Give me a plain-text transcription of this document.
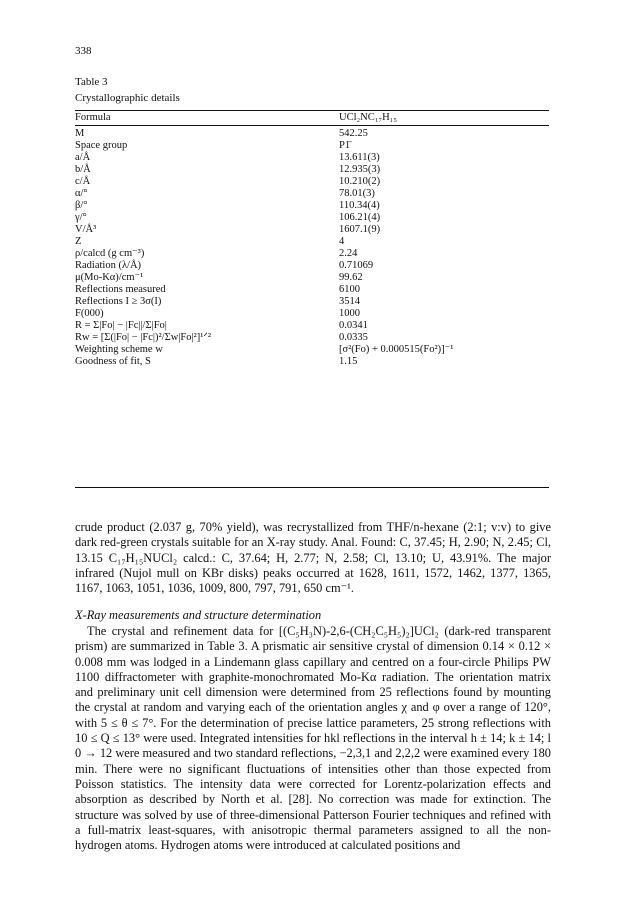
338
Table 3
Crystallographic details
Formula	UCl₂NC₁₇H₁₅
M	542.25
Space group	P1̄
a/Å	13.611(3)
b/Å	12.935(3)
c/Å	10.210(2)
α/°	78.01(3)
β/°	110.34(4)
γ/°	106.21(4)
V/Å³	1607.1(9)
Z	4
ρ/calcd (g cm⁻³)	2.24
Radiation (λ/Å)	0.71069
μ(Mo-Kα)/cm⁻¹	99.62
Reflections measured	6100
Reflections I ≥ 3σ(I)	3514
F(000)	1000
R = Σ|Fo| − |Fc||/Σ|Fo|	0.0341
Rw = [Σ(|Fo| − |Fc|)²/Σw|Fo|²]¹ᐟ²	0.0335
Weighting scheme w	[σ²(Fo) + 0.000515(Fo²)]⁻¹
Goodness of fit, S	1.15

crude product (2.037 g, 70% yield), was recrystallized from THF/n-hexane (2:1; v:v) to give dark red-green crystals suitable for an X-ray study. Anal. Found: C, 37.45; H, 2.90; N, 2.45; Cl, 13.15 C₁₇H₁₅NUCl₂ calcd.: C, 37.64; H, 2.77; N, 2.58; Cl, 13.10; U, 43.91%. The major infrared (Nujol mull on KBr disks) peaks occurred at 1628, 1611, 1572, 1462, 1377, 1365, 1167, 1063, 1051, 1036, 1009, 800, 797, 791, 650 cm⁻¹.

X-Ray measurements and structure determination

The crystal and refinement data for [(C₅H₃N)-2,6-(CH₂C₅H₅)₂]UCl₂ (dark-red transparent prism) are summarized in Table 3. A prismatic air sensitive crystal of dimension 0.14 × 0.12 × 0.008 mm was lodged in a Lindemann glass capillary and centred on a four-circle Philips PW 1100 diffractometer with graphite-monochromated Mo-Kα radiation. The orientation matrix and preliminary unit cell dimension were determined from 25 reflections found by mounting the crystal at random and varying each of the orientation angles χ and φ over a range of 120°, with 5 ≤ θ ≤ 7°. For the determination of precise lattice parameters, 25 strong reflections with 10 ≤ Q ≤ 13° were used. Integrated intensities for hkl reflections in the interval h ± 14; k ± 14; l 0 → 12 were measured and two standard reflections, −2,3,1 and 2,2,2 were examined every 180 min. There were no significant fluctuations of intensities other than those expected from Poisson statistics. The intensity data were corrected for Lorentz-polarization effects and absorption as described by North et al. [28]. No correction was made for extinction. The structure was solved by use of three-dimensional Patterson Fourier techniques and refined with a full-matrix least-squares, with anisotropic thermal parameters assigned to all the non-hydrogen atoms. Hydrogen atoms were introduced at calculated positions and
